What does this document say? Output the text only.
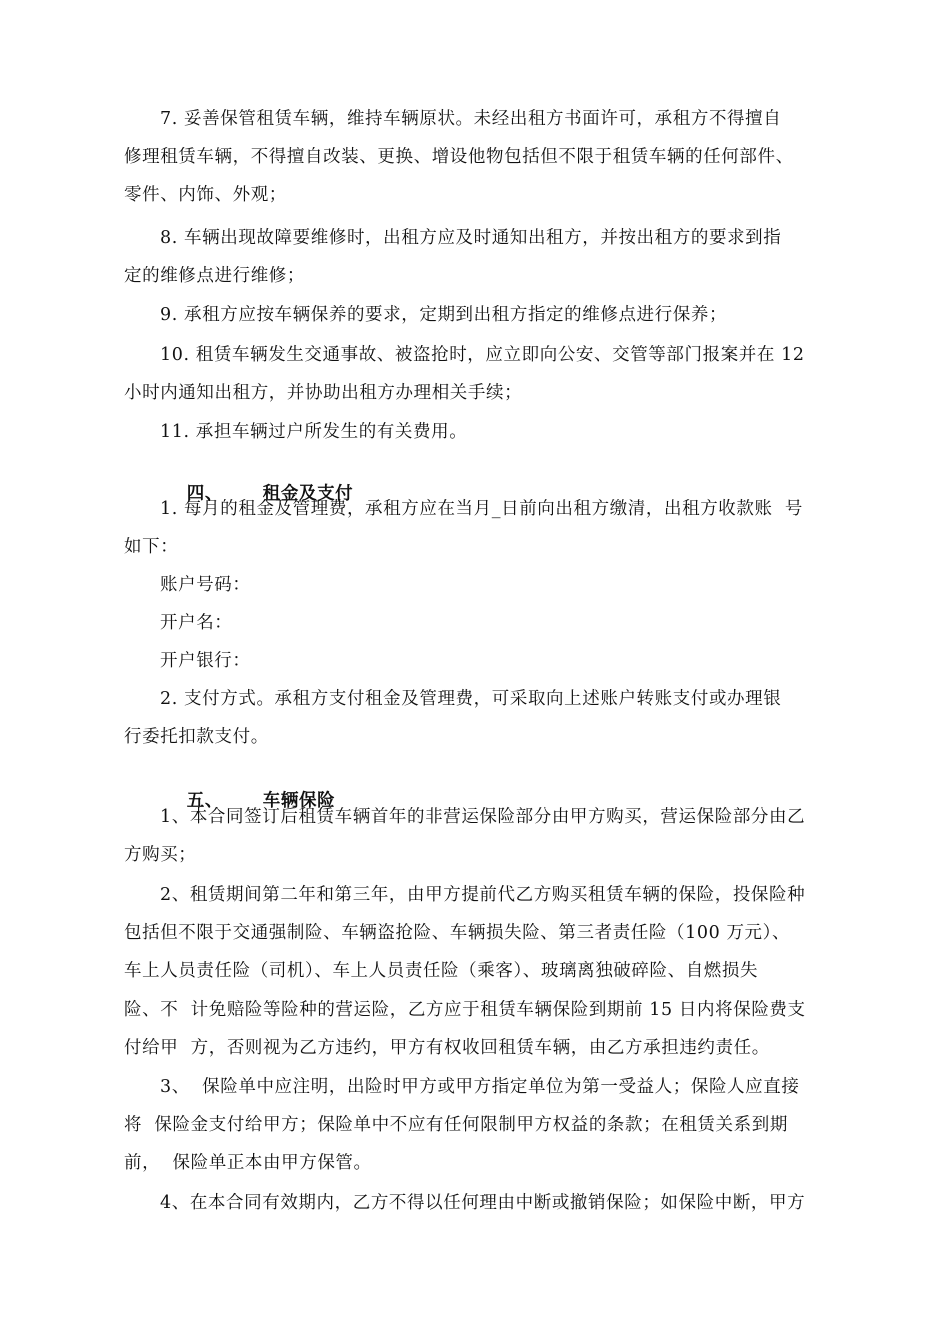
7. 妥善保管租赁车辆，维持车辆原状。未经出租方书面许可，承租方不得擅自
修理租赁车辆，不得擅自改装、更换、增设他物包括但不限于租赁车辆的任何部件、
零件、内饰、外观；
8. 车辆出现故障要维修时，出租方应及时通知出租方，并按出租方的要求到指
定的维修点进行维修；
9. 承租方应按车辆保养的要求，定期到出租方指定的维修点进行保养；
10. 租赁车辆发生交通事故、被盗抢时，应立即向公安、交管等部门报案并在 12
小时内通知出租方，并协助出租方办理相关手续；
11. 承担车辆过户所发生的有关费用。

四、 租金及支付

1. 每月的租金及管理费，承租方应在当月_日前向出租方缴清，出租方收款账  号
如下：
账户号码：
开户名：
开户银行：
2. 支付方式。承租方支付租金及管理费，可采取向上述账户转账支付或办理银
行委托扣款支付。

五、 车辆保险

1、本合同签订后租赁车辆首年的非营运保险部分由甲方购买，营运保险部分由乙
方购买；
2、租赁期间第二年和第三年，由甲方提前代乙方购买租赁车辆的保险，投保险种
包括但不限于交通强制险、车辆盗抢险、车辆损失险、第三者责任险（100 万元）、
车上人员责任险（司机）、车上人员责任险（乘客）、玻璃离独破碎险、自燃损失
险、不  计免赔险等险种的营运险，乙方应于租赁车辆保险到期前 15 日内将保险费支
付给甲  方，否则视为乙方违约，甲方有权收回租赁车辆，由乙方承担违约责任。
3、  保险单中应注明，出险时甲方或甲方指定单位为第一受益人；保险人应直接
将  保险金支付给甲方；保险单中不应有任何限制甲方权益的条款；在租赁关系到期
前，  保险单正本由甲方保管。
4、在本合同有效期内，乙方不得以任何理由中断或撤销保险；如保险中断，甲方
